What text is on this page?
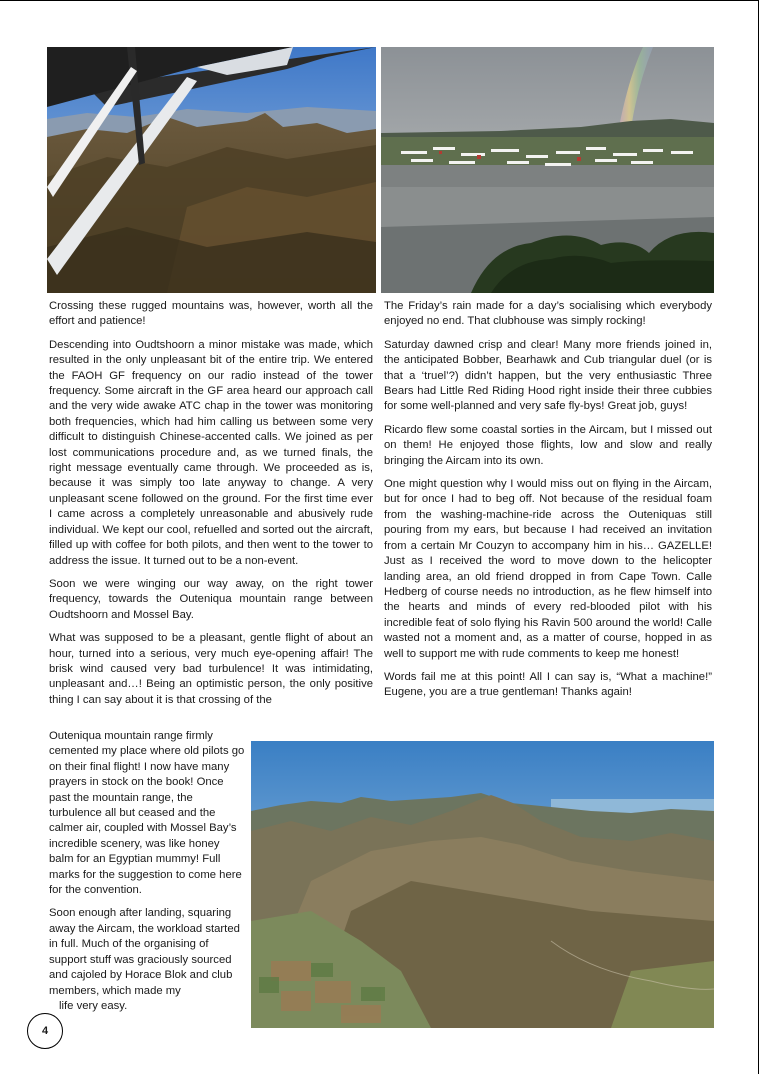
Crossing these rugged mountains was, however, worth all the effort and patience!

Descending into Oudtshoorn a minor mistake was made, which resulted in the only unpleasant bit of the entire trip. We entered the FAOH GF frequency on our radio instead of the tower frequency. Some aircraft in the GF area heard our approach call and the very wide awake ATC chap in the tower was monitoring both frequencies, which had him calling us between some very difficult to distinguish Chinese-accented calls. We joined as per lost communications procedure and, as we turned finals, the right message eventually came through. We proceeded as is, because it was simply too late anyway to change. A very unpleasant scene followed on the ground. For the first time ever I came across a completely unreasonable and abusively rude individual. We kept our cool, refuelled and sorted out the aircraft, filled up with coffee for both pilots, and then went to the tower to address the issue. It turned out to be a non-event.

Soon we were winging our way away, on the right tower frequency, towards the Outeniqua mountain range between Oudtshoorn and Mossel Bay.

What was supposed to be a pleasant, gentle flight of about an hour, turned into a serious, very much eye-opening affair! The brisk wind caused very bad turbulence! It was intimidating, unpleasant and…! Being an optimistic person, the only positive thing I can say about it is that crossing of the

Outeniqua mountain range firmly cemented my place where old pilots go on their final flight! I now have many prayers in stock on the book! Once past the mountain range, the turbulence all but ceased and the calmer air, coupled with Mossel Bay’s incredible scenery, was like honey balm for an Egyptian mummy! Full marks for the suggestion to come here for the convention.

Soon enough after landing, squaring away the Aircam, the workload started in full. Much of the organising of support stuff was graciously sourced and cajoled by Horace Blok and club members, which made my

life very easy.

The Friday’s rain made for a day’s socialising which everybody enjoyed no end. That clubhouse was simply rocking!

Saturday dawned crisp and clear! Many more friends joined in, the anticipated Bobber, Bearhawk and Cub triangular duel (or is that a ‘truel’?) didn’t happen, but the very enthusiastic Three Bears had Little Red Riding Hood right inside their three cubbies for some well-planned and very safe fly-bys! Great job, guys!

Ricardo flew some coastal sorties in the Aircam, but I missed out on them! He enjoyed those flights, low and slow and really bringing the Aircam into its own.

One might question why I would miss out on flying in the Aircam, but for once I had to beg off. Not because of the residual foam from the washing-machine-ride across the Outeniquas still pouring from my ears, but because I had received an invitation from a certain Mr Couzyn to accompany him in his… GAZELLE! Just as I received the word to move down to the helicopter landing area, an old friend dropped in from Cape Town. Calle Hedberg of course needs no introduction, as he flew himself into the hearts and minds of every red-blooded pilot with his incredible feat of solo flying his Ravin 500 around the world! Calle wasted not a moment and, as a matter of course, hopped in as well to support me with rude comments to keep me honest!

Words fail me at this point! All I can say is, “What a machine!” Eugene, you are a true gentleman! Thanks again!

4
